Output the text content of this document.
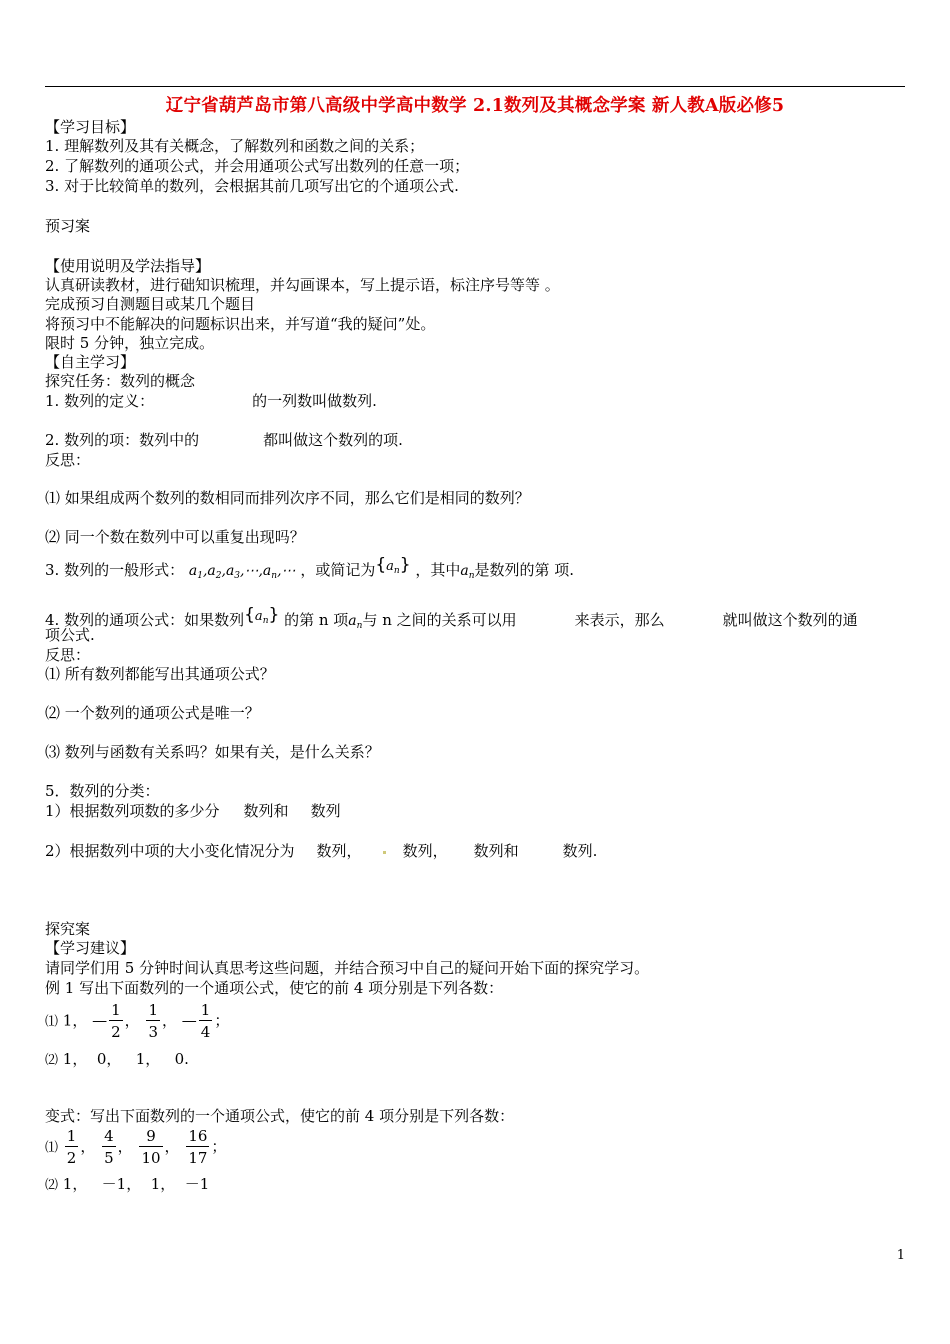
辽宁省葫芦岛市第八高级中学高中数学 2.1数列及其概念学案 新人教A版必修5
【学习目标】
1. 理解数列及其有关概念，了解数列和函数之间的关系；
2. 了解数列的通项公式，并会用通项公式写出数列的任意一项；
3. 对于比较简单的数列，会根据其前几项写出它的个通项公式.
预习案
【使用说明及学法指导】
认真研读教材，进行础知识梳理，并勾画课本，写上提示语，标注序号等等 。
完成预习自测题目或某几个题目
将预习中不能解决的问题标识出来，并写道“我的疑问”处。
限时 5 分钟，独立完成。
【自主学习】
探究任务：数列的概念
1. 数列的定义：	的一列数叫做数列.
2. 数列的项：数列中的	都叫做这个数列的项.
反思：
⑴ 如果组成两个数列的数相同而排列次序不同，那么它们是相同的数列？
⑵ 同一个数在数列中可以重复出现吗？
3. 数列的一般形式： $a_1,a_2,a_3,\cdots,a_n,\cdots$ ，或简记为$\{a_n\}$ ，其中$a_n$是数列的第 项.
4. 数列的通项公式：如果数列$\{a_n\}$ 的第 n 项$a_n$与 n 之间的关系可以用	来表示，那么	就叫做这个数列的通
项公式.
反思：
⑴ 所有数列都能写出其通项公式？
⑵ 一个数列的通项公式是唯一？
⑶ 数列与函数有关系吗？如果有关，是什么关系？
5．数列的分类：
1）根据数列项数的多少分 数列和 数列
2）根据数列中项的大小变化情况分为 数列，	数列， 数列和	数列.
探究案
【学习建议】
请同学们用 5 分钟时间认真思考这些问题，并结合预习中自己的疑问开始下面的探究学习。
例 1 写出下面数列的一个通项公式，使它的前 4 项分别是下列各数：
⑴ 1， — $\frac{1}{2}$ ， $\frac{1}{3}$ ， — $\frac{1}{4}$ ；
⑵ 1，  0，   1，   0.
变式：写出下面数列的一个通项公式，使它的前 4 项分别是下列各数：
⑴ $\frac{1}{2}$ ， $\frac{4}{5}$ ， $\frac{9}{10}$ ， $\frac{16}{17}$ ；
⑵ 1，   －1，  1，  －1
1
